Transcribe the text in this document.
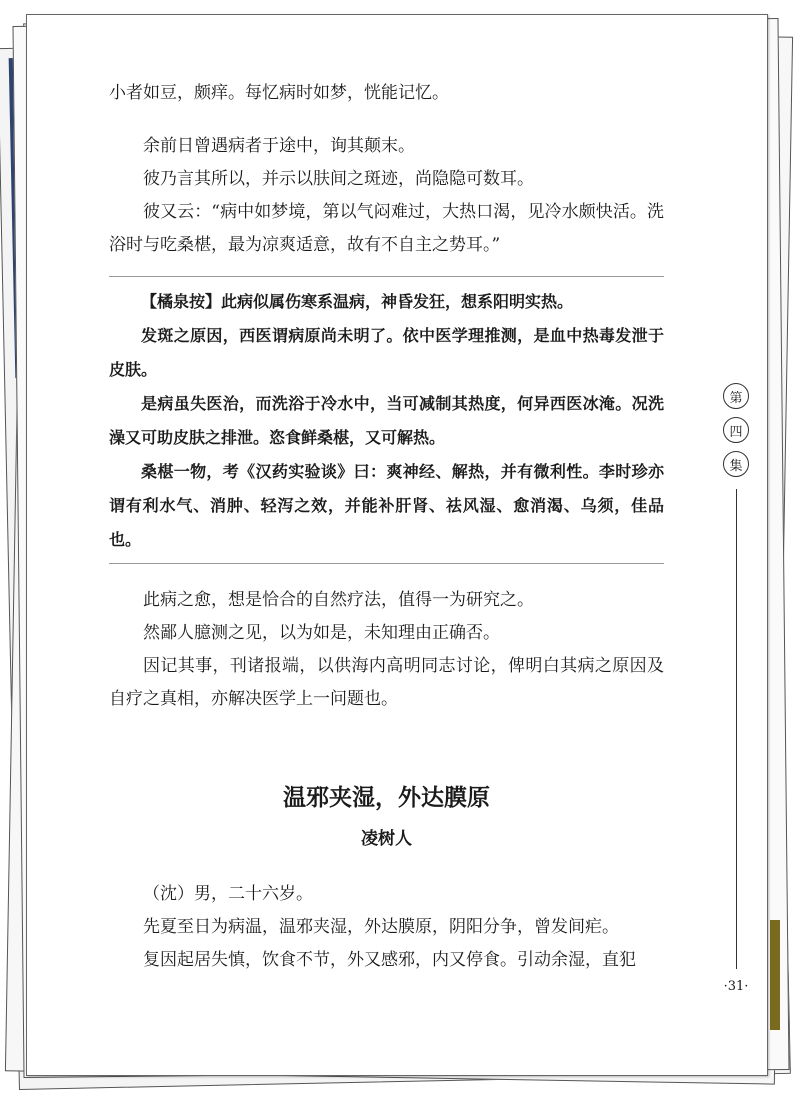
小者如豆，颇痒。每忆病时如梦，恍能记忆。

余前日曾遇病者于途中，询其颠末。

彼乃言其所以，并示以肤间之斑迹，尚隐隐可数耳。

彼又云：“病中如梦境，第以气闷难过，大热口渴，见冷水颇快活。洗浴时与吃桑椹，最为凉爽适意，故有不自主之势耳。”

【橘泉按】此病似属伤寒系温病，神昏发狂，想系阳明实热。

发斑之原因，西医谓病原尚未明了。依中医学理推测，是血中热毒发泄于皮肤。

是病虽失医治，而洗浴于冷水中，当可减制其热度，何异西医冰淹。况洗澡又可助皮肤之排泄。恣食鲜桑椹，又可解热。

桑椹一物，考《汉药实验谈》曰：爽神经、解热，并有微利性。李时珍亦谓有利水气、消肿、轻泻之效，并能补肝肾、祛风湿、愈消渴、乌须，佳品也。

此病之愈，想是恰合的自然疗法，值得一为研究之。

然鄙人臆测之见，以为如是，未知理由正确否。

因记其事，刊诸报端，以供海内高明同志讨论，俾明白其病之原因及自疗之真相，亦解决医学上一问题也。

温邪夹湿，外达膜原
凌树人

（沈）男，二十六岁。

先夏至日为病温，温邪夹湿，外达膜原，阴阳分争，曾发间疟。

复因起居失慎，饮食不节，外又感邪，内又停食。引动余湿，直犯

第
四
集
·31·
